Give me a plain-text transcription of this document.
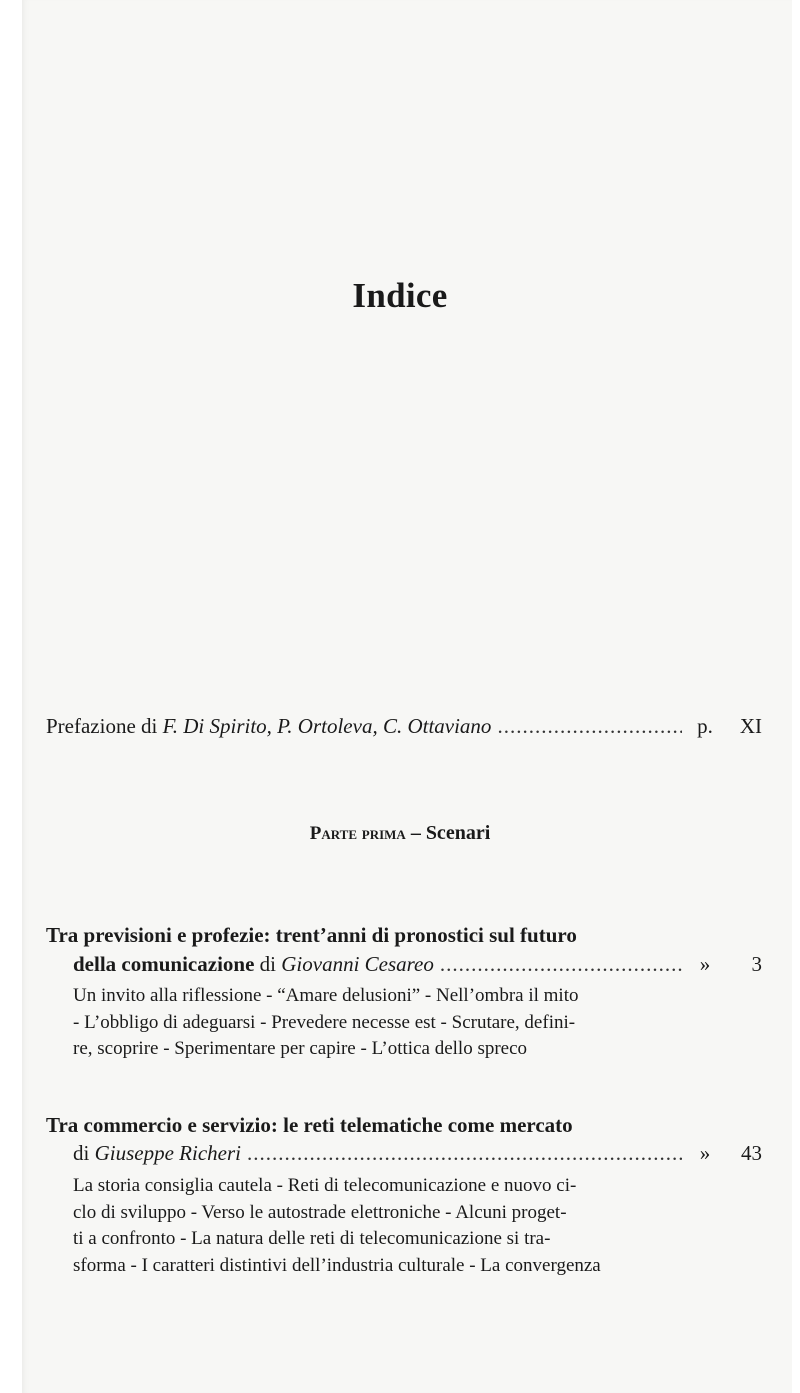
Indice
Prefazione di
F. Di Spirito, P. Ortoleva, C. Ottaviano .....	p.	XI
Parte prima – Scenari
Tra previsioni e profezie: trent’anni di pronostici sul futuro
della comunicazione
di
Giovanni Cesareo .....	»	3
Un invito alla riflessione - “Amare delusioni” - Nell’ombra il mito
- L’obbligo di adeguarsi - Prevedere necesse est - Scrutare, defini-
re, scoprire - Sperimentare per capire - L’ottica dello spreco
Tra commercio e servizio: le reti telematiche come mercato
di
Giuseppe Richeri .....	»	43
La storia consiglia cautela - Reti di telecomunicazione e nuovo ci-
clo di sviluppo - Verso le autostrade elettroniche - Alcuni proget-
ti a confronto - La natura delle reti di telecomunicazione si tra-
sforma - I caratteri distintivi dell’industria culturale - La convergenza
